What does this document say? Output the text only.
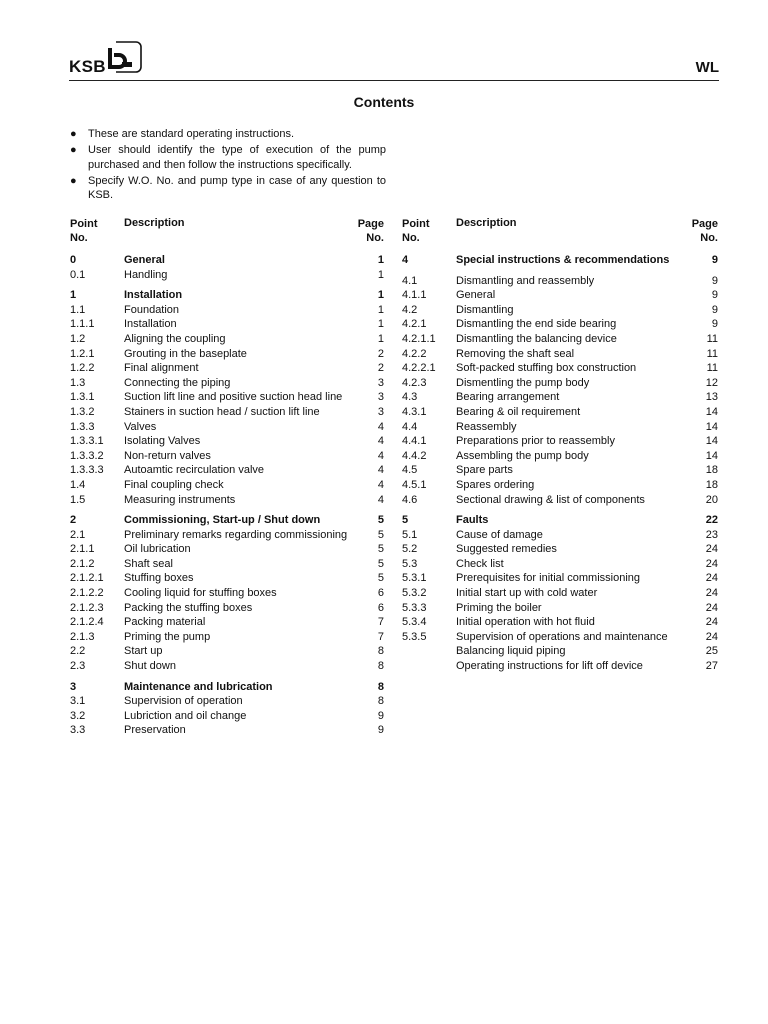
KSB	WL
Contents
● These are standard operating instructions.
● User should identify the type of execution of the pump purchased and then follow the instructions specifically.
● Specify W.O. No. and pump type in case of any question to KSB.
Point
No.
Description	Page
No.
0	General	1
0.1	Handling	1
1	Installation	1
1.1	Foundation	1
1.1.1	Installation	1
1.2	Aligning the coupling	1
1.2.1	Grouting in the baseplate	2
1.2.2	Final alignment	2
1.3	Connecting the piping	3
1.3.1	Suction lift line and positive suction head line	3
1.3.2	Stainers in suction head / suction lift line	3
1.3.3	Valves	4
1.3.3.1 Isolating Valves	4
1.3.3.2 Non-return valves	4
1.3.3.3 Autoamtic recirculation valve	4
1.4	Final coupling check	4
1.5	Measuring instruments	4
2	Commissioning, Start-up / Shut down	5
2.1	Preliminary remarks regarding commissioning	5
2.1.1	Oil lubrication	5
2.1.2	Shaft seal	5
2.1.2.1 Stuffing boxes	5
2.1.2.2 Cooling liquid for stuffing boxes	6
2.1.2.3 Packing the stuffing boxes	6
2.1.2.4 Packing material	7
2.1.3	Priming the pump	7
2.2	Start up	8
2.3	Shut down	8
3	Maintenance and lubrication	8
3.1	Supervision of operation	8
3.2	Lubriction and oil change	9
3.3	Preservation	9
Point
No.
Description	Page
No.
4	Special instructions & recommendations	9
4.1	Dismantling and reassembly	9
4.1.1	General	9
4.2	Dismantling	9
4.2.1	Dismantling the end side bearing	9
4.2.1.1 Dismantling the balancing device	11
4.2.2	Removing the shaft seal	11
4.2.2.1 Soft-packed stuffing box construction	11
4.2.3	Dismentling the pump body	12
4.3	Bearing arrangement	13
4.3.1	Bearing & oil requirement	14
4.4	Reassembly	14
4.4.1	Preparations prior to reassembly	14
4.4.2	Assembling the pump body	14
4.5	Spare parts	18
4.5.1	Spares ordering	18
4.6	Sectional drawing & list of components	20
5	Faults	22
5.1	Cause of damage	23
5.2	Suggested remedies	24
5.3	Check list	24
5.3.1	Prerequisites for initial commissioning	24
5.3.2	Initial start up with cold water	24
5.3.3	Priming the boiler	24
5.3.4	Initial operation with hot fluid	24
5.3.5	Supervision of operations and maintenance	24
Balancing liquid piping	25
Operating instructions for lift off device	27
